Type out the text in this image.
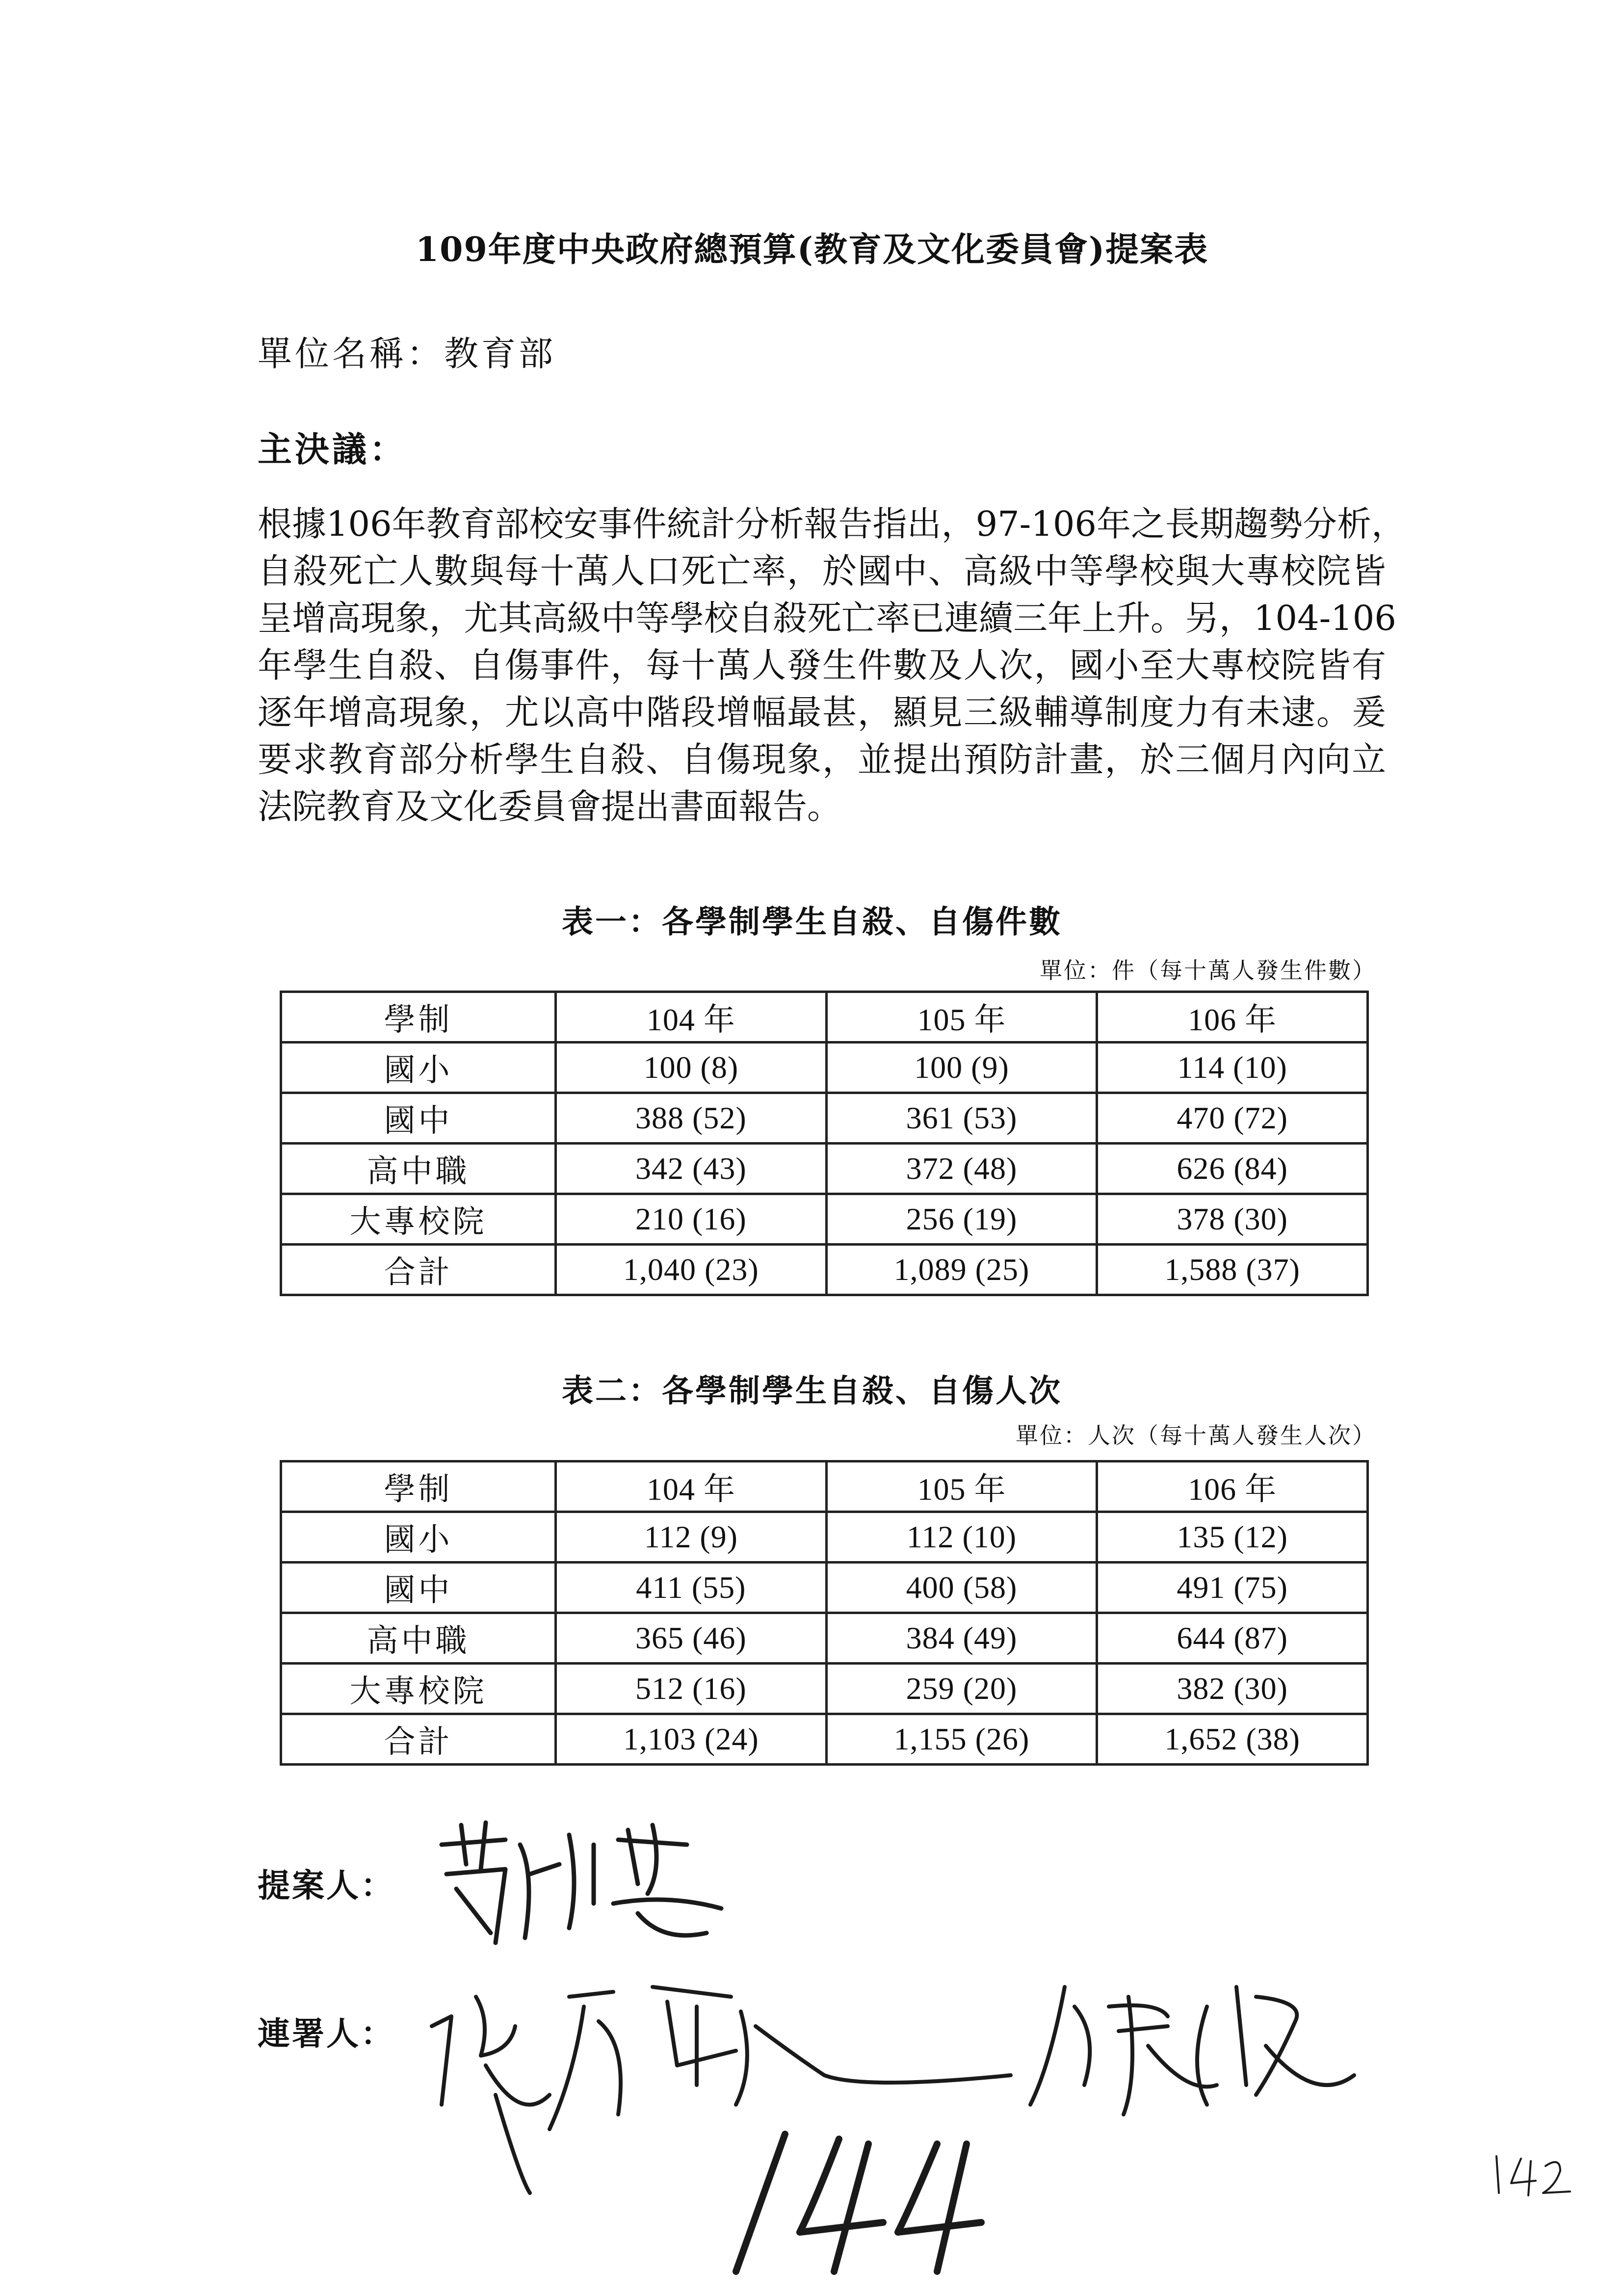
109年度中央政府總預算(教育及文化委員會)提案表
單位名稱：教育部
主決議：
根據106年教育部校安事件統計分析報告指出，97-106年之長期趨勢分析，
自殺死亡人數與每十萬人口死亡率，於國中、高級中等學校與大專校院皆
呈增高現象，尤其高級中等學校自殺死亡率已連續三年上升。另，104-106
年學生自殺、自傷事件，每十萬人發生件數及人次，國小至大專校院皆有
逐年增高現象，尤以高中階段增幅最甚，顯見三級輔導制度力有未逮。爰
要求教育部分析學生自殺、自傷現象，並提出預防計畫，於三個月內向立
法院教育及文化委員會提出書面報告。
表一：各學制學生自殺、自傷件數
單位：件（每十萬人發生件數）
學制	104 年	105 年	106 年
國小	100 (8)	100 (9)	114 (10)
國中	388 (52)	361 (53)	470 (72)
高中職	342 (43)	372 (48)	626 (84)
大專校院	210 (16)	256 (19)	378 (30)
合計	1,040 (23)	1,089 (25)	1,588 (37)
表二：各學制學生自殺、自傷人次
單位：人次（每十萬人發生人次）
學制	104 年	105 年	106 年
國小	112 (9)	112 (10)	135 (12)
國中	411 (55)	400 (58)	491 (75)
高中職	365 (46)	384 (49)	644 (87)
大專校院	512 (16)	259 (20)	382 (30)
合計	1,103 (24)	1,155 (26)	1,652 (38)
提案人：
連署人：
